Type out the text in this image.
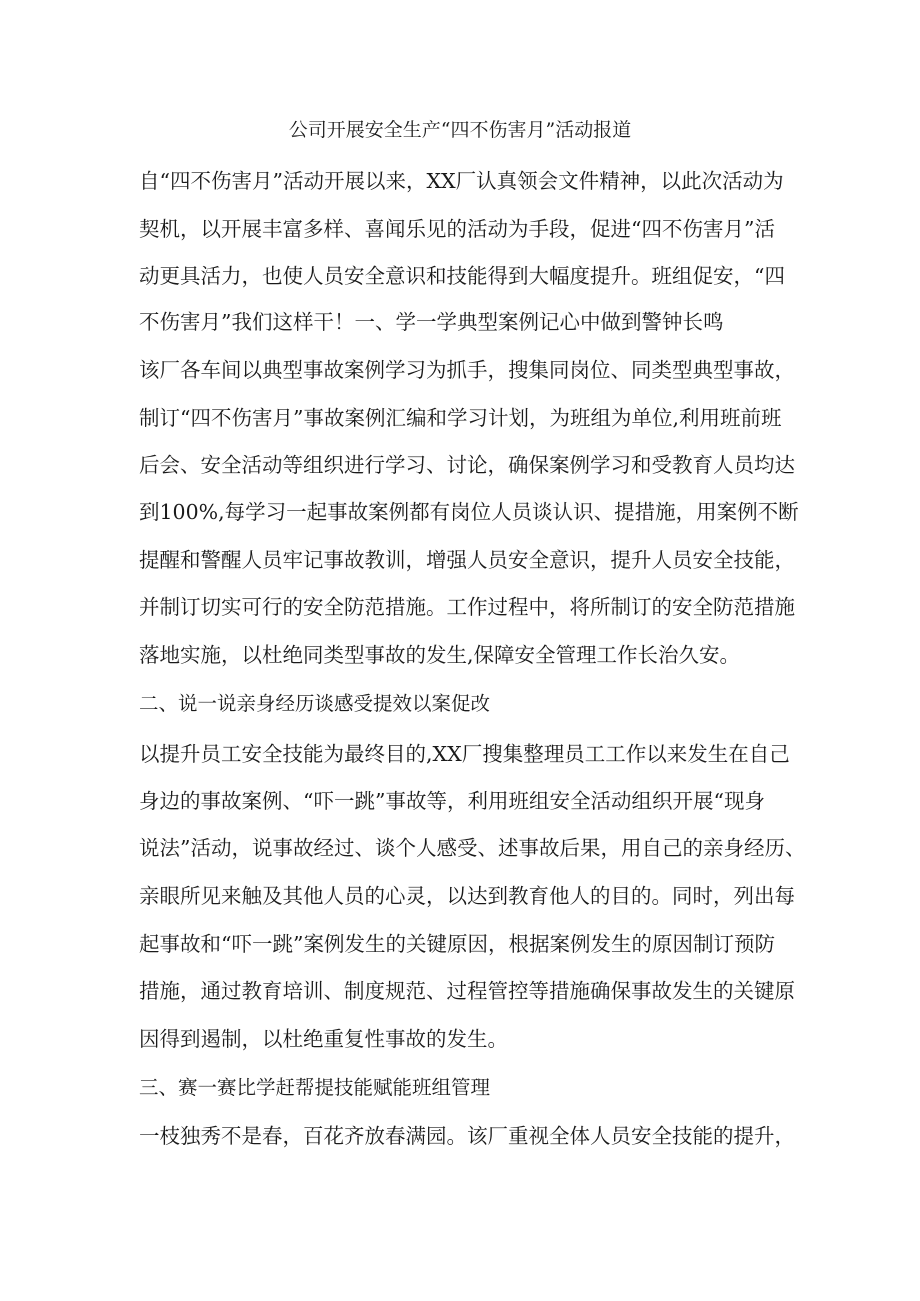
公司开展安全生产“四不伤害月”活动报道
自“四不伤害月”活动开展以来，XX厂认真领会文件精神，以此次活动为
契机，以开展丰富多样、喜闻乐见的活动为手段，促进“四不伤害月”活
动更具活力，也使人员安全意识和技能得到大幅度提升。班组促安，“四
不伤害月”我们这样干！一、学一学典型案例记心中做到警钟长鸣
该厂各车间以典型事故案例学习为抓手，搜集同岗位、同类型典型事故，
制订“四不伤害月”事故案例汇编和学习计划，为班组为单位,利用班前班
后会、安全活动等组织进行学习、讨论，确保案例学习和受教育人员均达
到100%,每学习一起事故案例都有岗位人员谈认识、提措施，用案例不断
提醒和警醒人员牢记事故教训，增强人员安全意识，提升人员安全技能，
并制订切实可行的安全防范措施。工作过程中，将所制订的安全防范措施
落地实施，以杜绝同类型事故的发生,保障安全管理工作长治久安。
二、说一说亲身经历谈感受提效以案促改
以提升员工安全技能为最终目的,XX厂搜集整理员工工作以来发生在自己
身边的事故案例、“吓一跳”事故等，利用班组安全活动组织开展“现身
说法”活动，说事故经过、谈个人感受、述事故后果，用自己的亲身经历、
亲眼所见来触及其他人员的心灵，以达到教育他人的目的。同时，列出每
起事故和“吓一跳”案例发生的关键原因，根据案例发生的原因制订预防
措施，通过教育培训、制度规范、过程管控等措施确保事故发生的关键原
因得到遏制，以杜绝重复性事故的发生。
三、赛一赛比学赶帮提技能赋能班组管理
一枝独秀不是春，百花齐放春满园。该厂重视全体人员安全技能的提升，
